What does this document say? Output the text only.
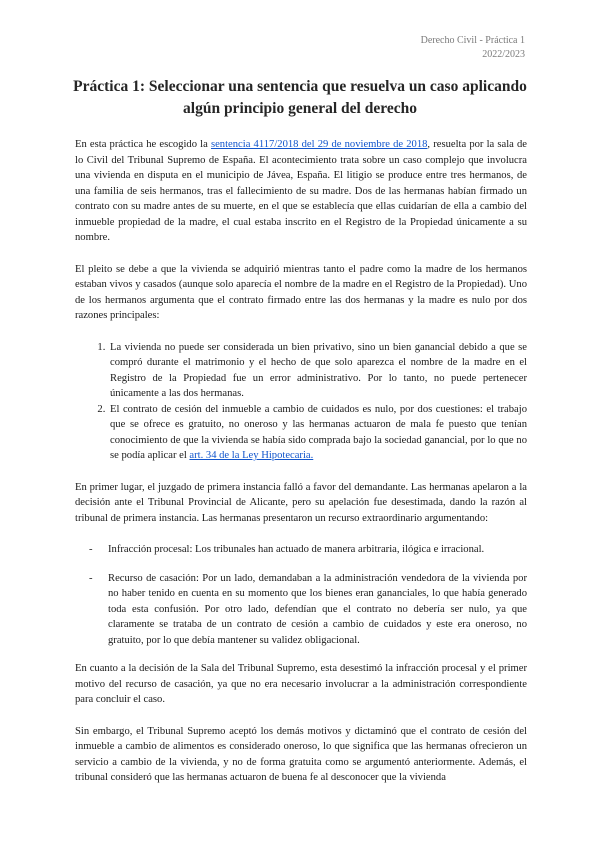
Derecho Civil - Práctica 1
2022/2023
Práctica 1: Seleccionar una sentencia que resuelva un caso aplicando algún principio general del derecho

En esta práctica he escogido la sentencia 4117/2018 del 29 de noviembre de 2018, resuelta por la sala de lo Civil del Tribunal Supremo de España. El acontecimiento trata sobre un caso complejo que involucra una vivienda en disputa en el municipio de Jávea, España. El litigio se produce entre tres hermanos, de una familia de seis hermanos, tras el fallecimiento de su madre. Dos de las hermanas habían firmado un contrato con su madre antes de su muerte, en el que se establecía que ellas cuidarían de ella a cambio del inmueble propiedad de la madre, el cual estaba inscrito en el Registro de la Propiedad únicamente a su nombre.

El pleito se debe a que la vivienda se adquirió mientras tanto el padre como la madre de los hermanos estaban vivos y casados (aunque solo aparecía el nombre de la madre en el Registro de la Propiedad). Uno de los hermanos argumenta que el contrato firmado entre las dos hermanas y la madre es nulo por dos razones principales:

1. La vivienda no puede ser considerada un bien privativo, sino un bien ganancial debido a que se compró durante el matrimonio y el hecho de que solo aparezca el nombre de la madre en el Registro de la Propiedad fue un error administrativo. Por lo tanto, no puede pertenecer únicamente a las dos hermanas.
2. El contrato de cesión del inmueble a cambio de cuidados es nulo, por dos cuestiones: el trabajo que se ofrece es gratuito, no oneroso y las hermanas actuaron de mala fe puesto que tenían conocimiento de que la vivienda se había sido comprada bajo la sociedad ganancial, por lo que no se podía aplicar el art. 34 de la Ley Hipotecaria.

En primer lugar, el juzgado de primera instancia falló a favor del demandante. Las hermanas apelaron a la decisión ante el Tribunal Provincial de Alicante, pero su apelación fue desestimada, dando la razón al tribunal de primera instancia. Las hermanas presentaron un recurso extraordinario argumentando:

- Infracción procesal: Los tribunales han actuado de manera arbitraria, ilógica e irracional.
- Recurso de casación: Por un lado, demandaban a la administración vendedora de la vivienda por no haber tenido en cuenta en su momento que los bienes eran gananciales, lo que había generado toda esta confusión. Por otro lado, defendían que el contrato no debería ser nulo, ya que claramente se trataba de un contrato de cesión a cambio de cuidados y este era oneroso, no gratuito, por lo que debía mantener su validez obligacional.

En cuanto a la decisión de la Sala del Tribunal Supremo, esta desestimó la infracción procesal y el primer motivo del recurso de casación, ya que no era necesario involucrar a la administración correspondiente para concluir el caso.

Sin embargo, el Tribunal Supremo aceptó los demás motivos y dictaminó que el contrato de cesión del inmueble a cambio de alimentos es considerado oneroso, lo que significa que las hermanas ofrecieron un servicio a cambio de la vivienda, y no de forma gratuita como se argumentó anteriormente. Además, el tribunal consideró que las hermanas actuaron de buena fe al desconocer que la vivienda
